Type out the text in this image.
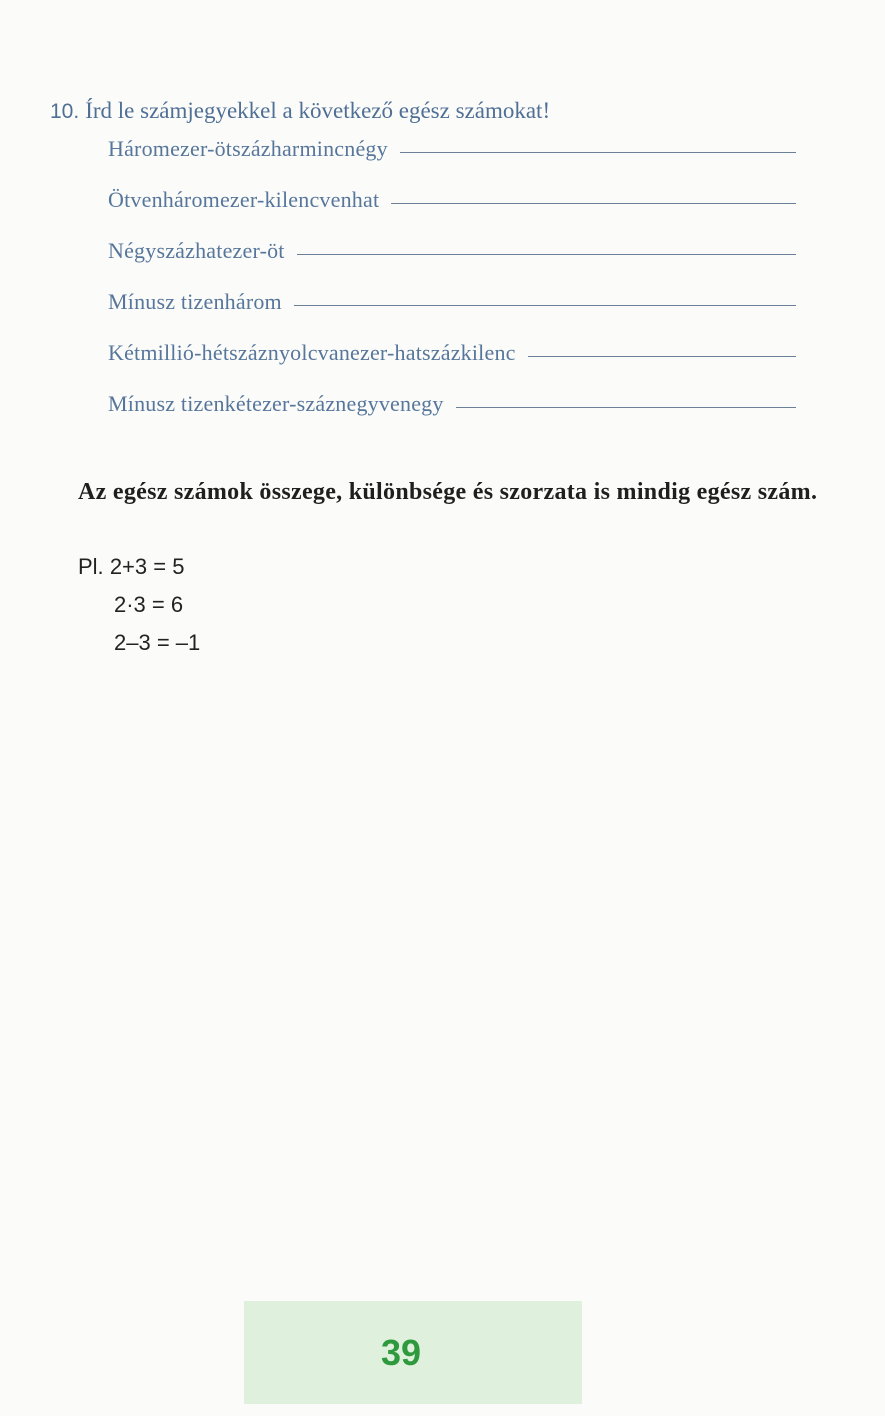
10. Írd le számjegyekkel a következő egész számokat!

Háromezer-ötszázharmincnégy
Ötvenháromezer-kilencvenhat
Négyszázhatezer-öt
Mínusz tizenhárom
Kétmillió-hétszáznyolcvanezer-hatszázkilenc
Mínusz tizenkétezer-száznegyvenegy

Az egész számok összege, különbsége és szorzata is mindig egész szám.

Pl. 2+3 = 5
2·3 = 6
2–3 = –1
39
